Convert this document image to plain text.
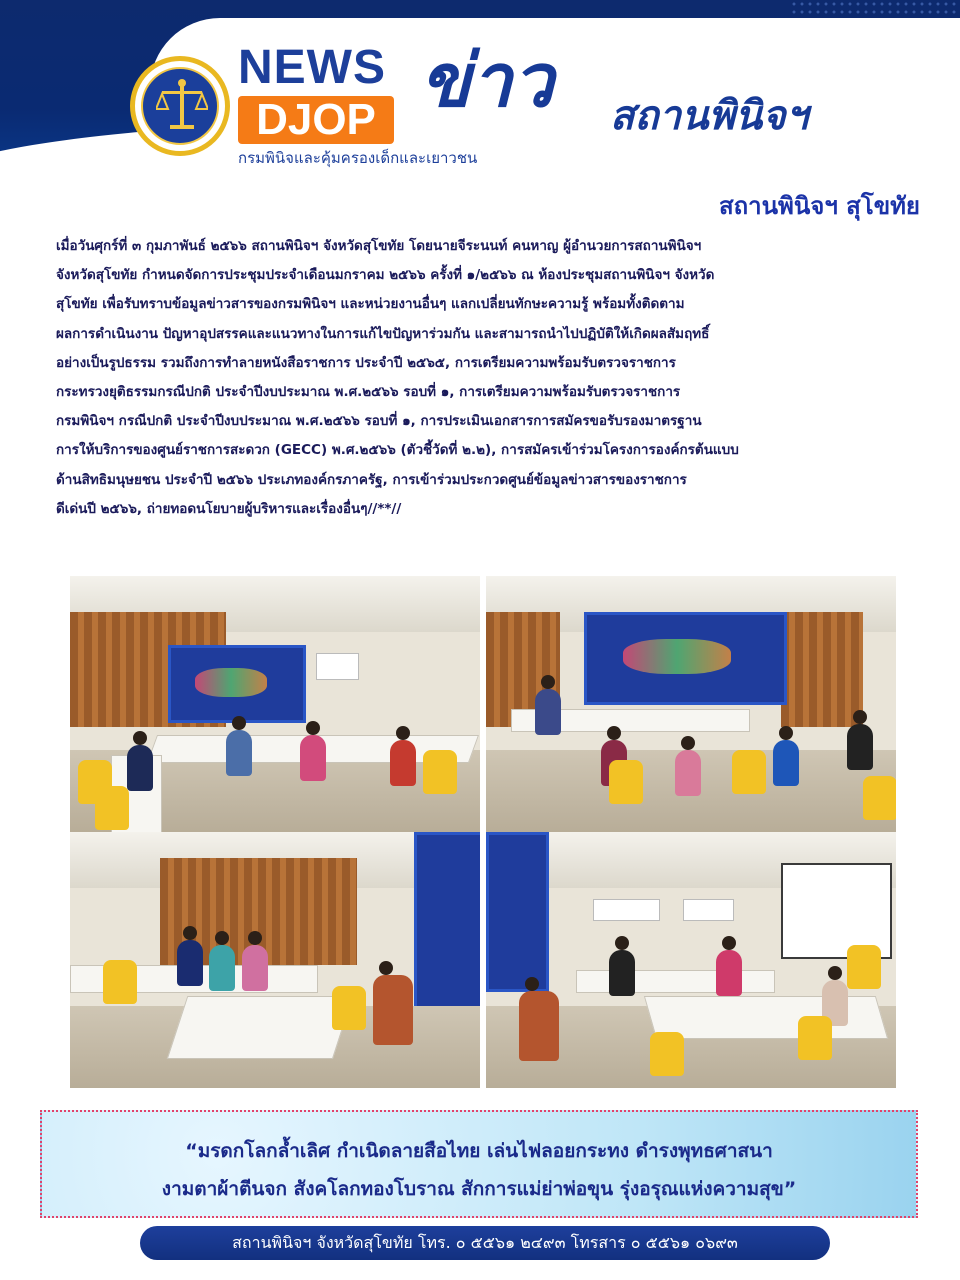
NEWS
DJOP
กรมพินิจและคุ้มครองเด็กและเยาวชน
ข่าว สถานพินิจฯ
สถานพินิจฯ สุโขทัย
เมื่อวันศุกร์ที่ ๓ กุมภาพันธ์ ๒๕๖๖ สถานพินิจฯ จังหวัดสุโขทัย โดยนายจีระนนท์ คนหาญ ผู้อำนวยการสถานพินิจฯ
จังหวัดสุโขทัย กำหนดจัดการประชุมประจำเดือนมกราคม ๒๕๖๖ ครั้งที่ ๑/๒๕๖๖ ณ ห้องประชุมสถานพินิจฯ จังหวัด
สุโขทัย เพื่อรับทราบข้อมูลข่าวสารของกรมพินิจฯ และหน่วยงานอื่นๆ แลกเปลี่ยนทักษะความรู้ พร้อมทั้งติดตาม
ผลการดำเนินงาน ปัญหาอุปสรรคและแนวทางในการแก้ไขปัญหาร่วมกัน และสามารถนำไปปฏิบัติให้เกิดผลสัมฤทธิ์
อย่างเป็นรูปธรรม รวมถึงการทำลายหนังสือราชการ ประจำปี ๒๕๖๕, การเตรียมความพร้อมรับตรวจราชการ
กระทรวงยุติธรรมกรณีปกติ ประจำปีงบประมาณ พ.ศ.๒๕๖๖ รอบที่ ๑, การเตรียมความพร้อมรับตรวจราชการ
กรมพินิจฯ กรณีปกติ ประจำปีงบประมาณ พ.ศ.๒๕๖๖ รอบที่ ๑, การประเมินเอกสารการสมัครขอรับรองมาตรฐาน
การให้บริการของศูนย์ราชการสะดวก (GECC) พ.ศ.๒๕๖๖ (ตัวชี้วัดที่ ๒.๒), การสมัครเข้าร่วมโครงการองค์กรต้นแบบ
ด้านสิทธิมนุษยชน ประจำปี ๒๕๖๖ ประเภทองค์กรภาครัฐ, การเข้าร่วมประกวดศูนย์ข้อมูลข่าวสารของราชการ
ดีเด่นปี ๒๕๖๖, ถ่ายทอดนโยบายผู้บริหารและเรื่องอื่นๆ//**//
“มรดกโลกล้ำเลิศ กำเนิดลายสือไทย เล่นไฟลอยกระทง ดำรงพุทธศาสนา
งามตาผ้าตีนจก สังคโลกทองโบราณ สักการแม่ย่าพ่อขุน รุ่งอรุณแห่งความสุข”
สถานพินิจฯ จังหวัดสุโขทัย โทร. ๐ ๕๕๖๑ ๒๔๙๓ โทรสาร ๐ ๕๕๖๑ ๐๖๙๓
